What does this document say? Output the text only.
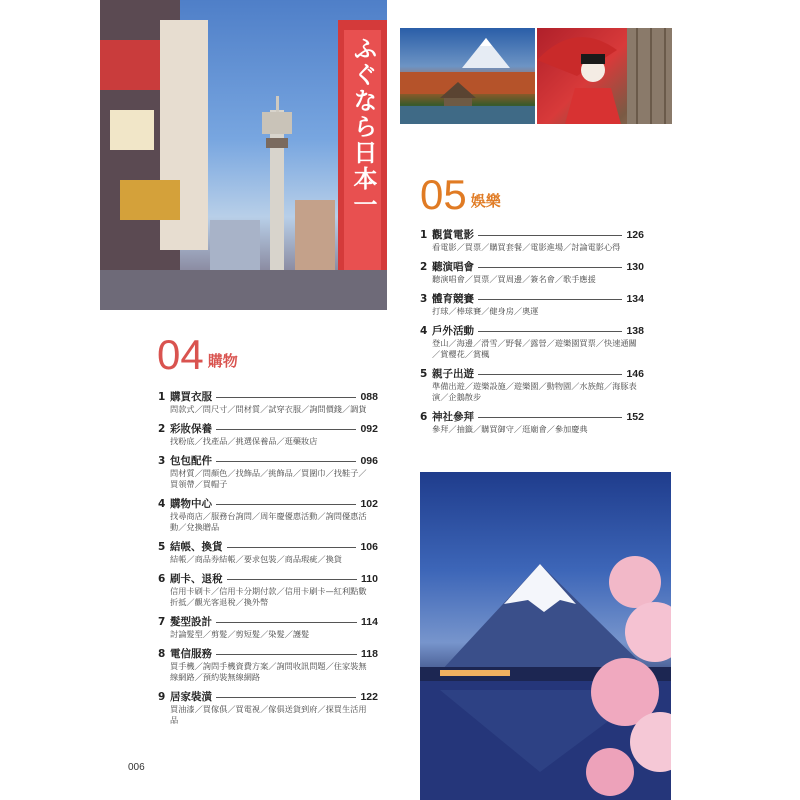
ふぐなら日本一
04 購物
1 購買衣服	088
問款式／問尺寸／問材質／試穿衣服／詢問價錢／調貨
2 彩妝保養	092
找粉底／找產品／挑選保養品／逛藥妝店
3 包包配件	096
問材質／問顏色／找飾品／挑飾品／買圍巾／找鞋子／買領帶／買帽子
4 購物中心	102
找尋商店／服務台詢問／周年慶優惠活動／詢問優惠活動／兌換贈品
5 結帳、換貨	106
結帳／商品券結帳／要求包裝／商品瑕疵／換貨
6 刷卡、退稅	110
信用卡刷卡／信用卡分期付款／信用卡刷卡—紅利點數折抵／觀光客退稅／換外幣
7 髮型設計	114
討論髮型／剪髮／剪短髮／染髮／護髮
8 電信服務	118
買手機／詢問手機資費方案／詢問收訊問題／住家裝無線網路／預約裝無線網路
9 居家裝潢	122
買油漆／買傢俱／買電視／傢俱送貨到府／探買生活用品
05 娛樂
1 觀賞電影	126
看電影／買票／購買套餐／電影進場／討論電影心得
2 聽演唱會	130
聽演唱會／買票／買周邊／簽名會／歌手應援
3 體育競賽	134
打球／棒球賽／健身房／奧運
4 戶外活動	138
登山／海邊／滑雪／野餐／露營／遊樂園買票／快速通關／賞櫻花／賞楓
5 親子出遊	146
準備出遊／遊樂設施／遊樂園／動物園／水族館／海豚表演／企鵝散步
6 神社參拜	152
參拜／抽籤／購買御守／逛廟會／參加慶典
006
